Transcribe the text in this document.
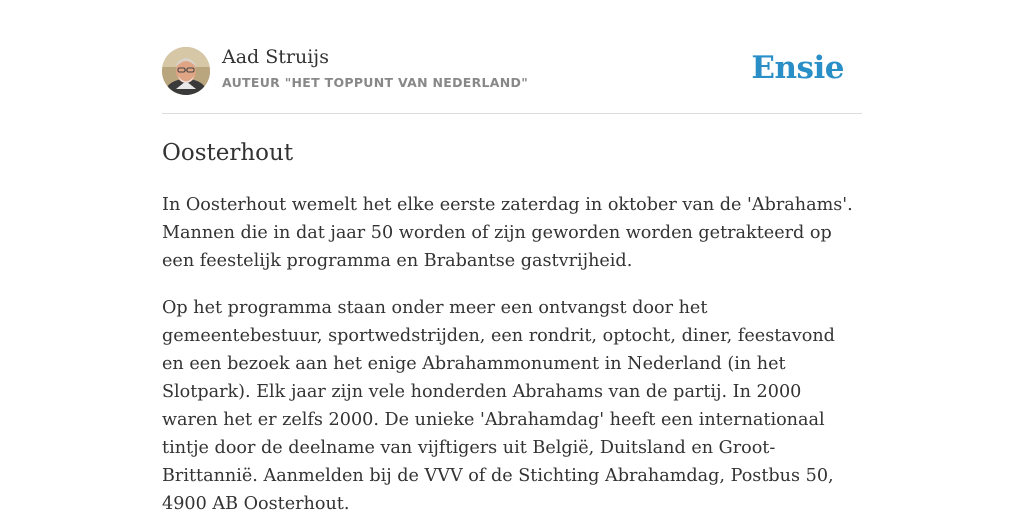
Aad Struijs
AUTEUR "HET TOPPUNT VAN NEDERLAND"	Ensie
Oosterhout

In Oosterhout wemelt het elke eerste zaterdag in oktober van de 'Abrahams'. Mannen die in dat jaar 50 worden of zijn geworden worden getrakteerd op een feestelijk programma en Brabantse gastvrijheid.

Op het programma staan onder meer een ontvangst door het gemeentebestuur, sportwedstrijden, een rondrit, optocht, diner, feestavond en een bezoek aan het enige Abrahammonument in Nederland (in het Slotpark). Elk jaar zijn vele honderden Abrahams van de partij. In 2000 waren het er zelfs 2000. De unieke 'Abrahamdag' heeft een internationaal tintje door de deelname van vijftigers uit België, Duitsland en Groot-Brittannië. Aanmelden bij de VVV of de Stichting Abrahamdag, Postbus 50, 4900 AB Oosterhout.
